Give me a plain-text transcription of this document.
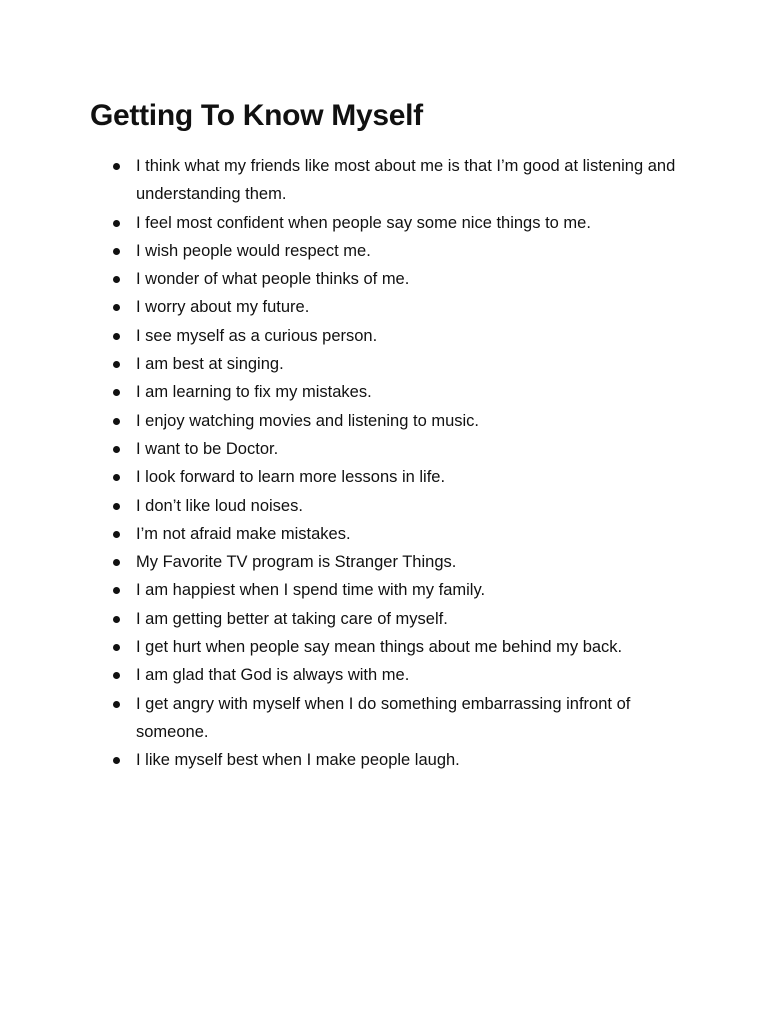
Getting To Know Myself
I think what my friends like most about me is that I’m good at listening and understanding them.
I feel most confident when people say some nice things to me.
I wish people would respect me.
I wonder of what people thinks of me.
I worry about my future.
I see myself as a curious person.
I am best at singing.
I am learning to fix my mistakes.
I enjoy watching movies and listening to music.
I want to be Doctor.
I look forward to learn more lessons in life.
I don’t like loud noises.
I’m not afraid make mistakes.
My Favorite TV program is Stranger Things.
I am happiest when I spend time with my family.
I am getting better at taking care of myself.
I get hurt when people say mean things about me behind my back.
I am glad that God is always with me.
I get angry with myself when I do something embarrassing infront of someone.
I like myself best when I make people laugh.
